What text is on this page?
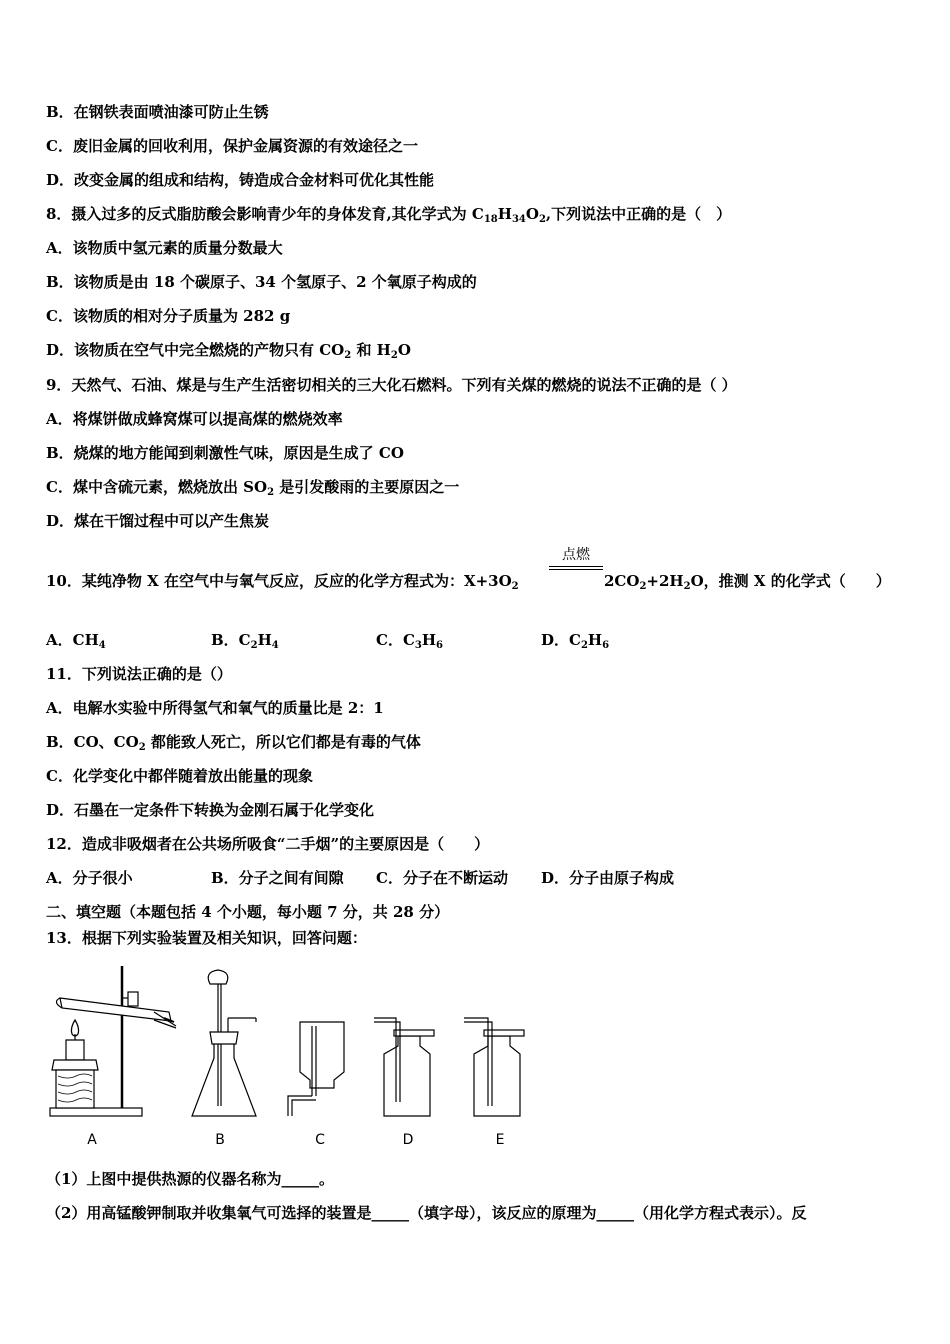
B．在钢铁表面喷油漆可防止生锈
C．废旧金属的回收利用，保护金属资源的有效途径之一
D．改变金属的组成和结构，铸造成合金材料可优化其性能
8．摄入过多的反式脂肪酸会影响青少年的身体发育,其化学式为 $C_{18}H_{34}O_2$,下列说法中正确的是（　）
A．该物质中氢元素的质量分数最大
B．该物质是由 18 个碳原子、34 个氢原子、2 个氧原子构成的
C．该物质的相对分子质量为 282 g
D．该物质在空气中完全燃烧的产物只有 $CO_2$ 和 $H_2O$
9．天然气、石油、煤是与生产生活密切相关的三大化石燃料。下列有关煤的燃烧的说法不正确的是（ ）
A．将煤饼做成蜂窝煤可以提高煤的燃烧效率
B．烧煤的地方能闻到刺激性气味，原因是生成了 CO
C．煤中含硫元素，燃烧放出 $SO_2$ 是引发酸雨的主要原因之一
D．煤在干馏过程中可以产生焦炭
点燃
10．某纯净物 X 在空气中与氧气反应，反应的化学方程式为：$X+3O_2$	$2CO_2+2H_2O$，推测 X 的化学式（　　）
A．$CH_4$	B．$C_2H_4$	C．$C_3H_6$	D．$C_2H_6$
11．下列说法正确的是（）
A．电解水实验中所得氢气和氧气的质量比是 2：1
B．CO、$CO_2$ 都能致人死亡，所以它们都是有毒的气体
C．化学变化中都伴随着放出能量的现象
D．石墨在一定条件下转换为金刚石属于化学变化
12．造成非吸烟者在公共场所吸食“二手烟”的主要原因是（　　）
A．分子很小	B．分子之间有间隙 C．分子在不断运动 D．分子由原子构成
二、填空题（本题包括 4 个小题，每小题 7 分，共 28 分）
13．根据下列实验装置及相关知识，回答问题：
A	B	C	D	E
（1）上图中提供热源的仪器名称为_____。
（2）用高锰酸钾制取并收集氧气可选择的装置是_____（填字母），该反应的原理为_____（用化学方程式表示）。反
